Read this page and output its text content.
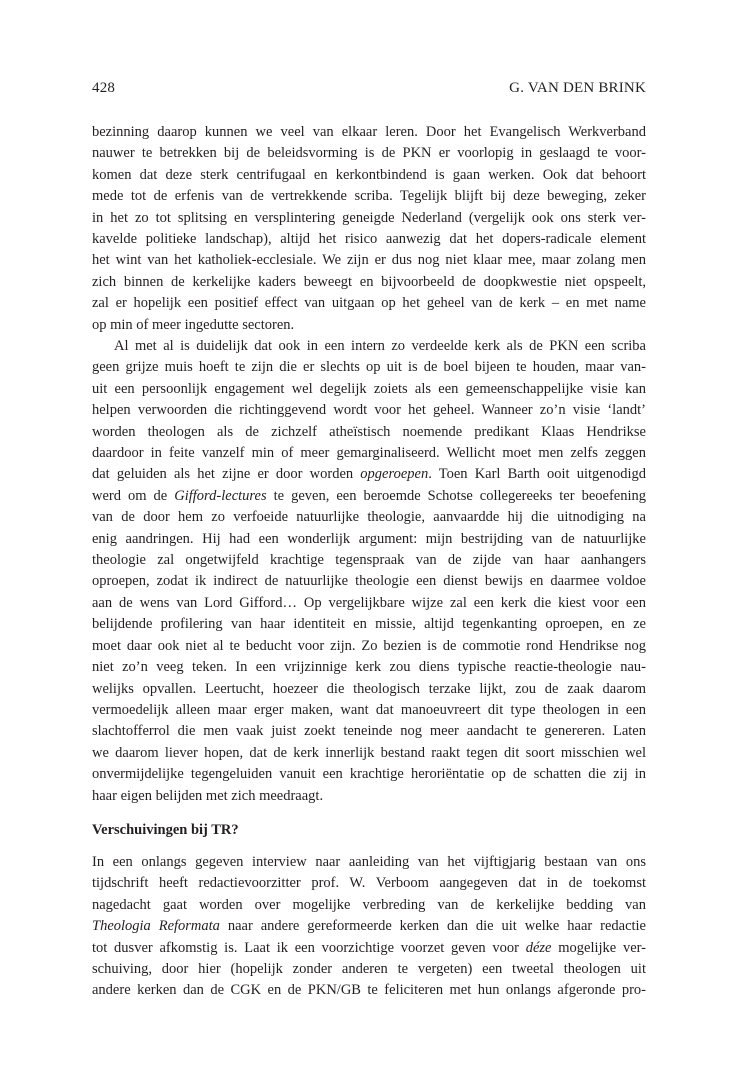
428	G. VAN DEN BRINK
bezinning daarop kunnen we veel van elkaar leren. Door het Evangelisch Werkverband
nauwer te betrekken bij de beleidsvorming is de PKN er voorlopig in geslaagd te voor-
komen dat deze sterk centrifugaal en kerkontbindend is gaan werken. Ook dat behoort
mede tot de erfenis van de vertrekkende scriba. Tegelijk blijft bij deze beweging, zeker
in het zo tot splitsing en versplintering geneigde Nederland (vergelijk ook ons sterk ver-
kavelde politieke landschap), altijd het risico aanwezig dat het dopers-radicale element
het wint van het katholiek-ecclesiale. We zijn er dus nog niet klaar mee, maar zolang men
zich binnen de kerkelijke kaders beweegt en bijvoorbeeld de doopkwestie niet opspeelt,
zal er hopelijk een positief effect van uitgaan op het geheel van de kerk – en met name
op min of meer ingedutte sectoren.
Al met al is duidelijk dat ook in een intern zo verdeelde kerk als de PKN een scriba
geen grijze muis hoeft te zijn die er slechts op uit is de boel bijeen te houden, maar van-
uit een persoonlijk engagement wel degelijk zoiets als een gemeenschappelijke visie kan
helpen verwoorden die richtinggevend wordt voor het geheel. Wanneer zo’n visie ‘landt’
worden theologen als de zichzelf atheïstisch noemende predikant Klaas Hendrikse
daardoor in feite vanzelf min of meer gemarginaliseerd. Wellicht moet men zelfs zeggen
dat geluiden als het zijne er door worden opgeroepen. Toen Karl Barth ooit uitgenodigd
werd om de Gifford-lectures te geven, een beroemde Schotse collegereeks ter beoefening
van de door hem zo verfoeide natuurlijke theologie, aanvaardde hij die uitnodiging na
enig aandringen. Hij had een wonderlijk argument: mijn bestrijding van de natuurlijke
theologie zal ongetwijfeld krachtige tegenspraak van de zijde van haar aanhangers
oproepen, zodat ik indirect de natuurlijke theologie een dienst bewijs en daarmee voldoe
aan de wens van Lord Gifford… Op vergelijkbare wijze zal een kerk die kiest voor een
belijdende profilering van haar identiteit en missie, altijd tegenkanting oproepen, en ze
moet daar ook niet al te beducht voor zijn. Zo bezien is de commotie rond Hendrikse nog
niet zo’n veeg teken. In een vrijzinnige kerk zou diens typische reactie-theologie nau-
welijks opvallen. Leertucht, hoezeer die theologisch terzake lijkt, zou de zaak daarom
vermoedelijk alleen maar erger maken, want dat manoeuvreert dit type theologen in een
slachtofferrol die men vaak juist zoekt teneinde nog meer aandacht te genereren. Laten
we daarom liever hopen, dat de kerk innerlijk bestand raakt tegen dit soort misschien wel
onvermijdelijke tegengeluiden vanuit een krachtige heroriëntatie op de schatten die zij in
haar eigen belijden met zich meedraagt.
Verschuivingen bij TR?
In een onlangs gegeven interview naar aanleiding van het vijftigjarig bestaan van ons
tijdschrift heeft redactievoorzitter prof. W. Verboom aangegeven dat in de toekomst
nagedacht gaat worden over mogelijke verbreding van de kerkelijke bedding van
Theologia Reformata naar andere gereformeerde kerken dan die uit welke haar redactie
tot dusver afkomstig is. Laat ik een voorzichtige voorzet geven voor déze mogelijke ver-
schuiving, door hier (hopelijk zonder anderen te vergeten) een tweetal theologen uit
andere kerken dan de CGK en de PKN/GB te feliciteren met hun onlangs afgeronde pro-
